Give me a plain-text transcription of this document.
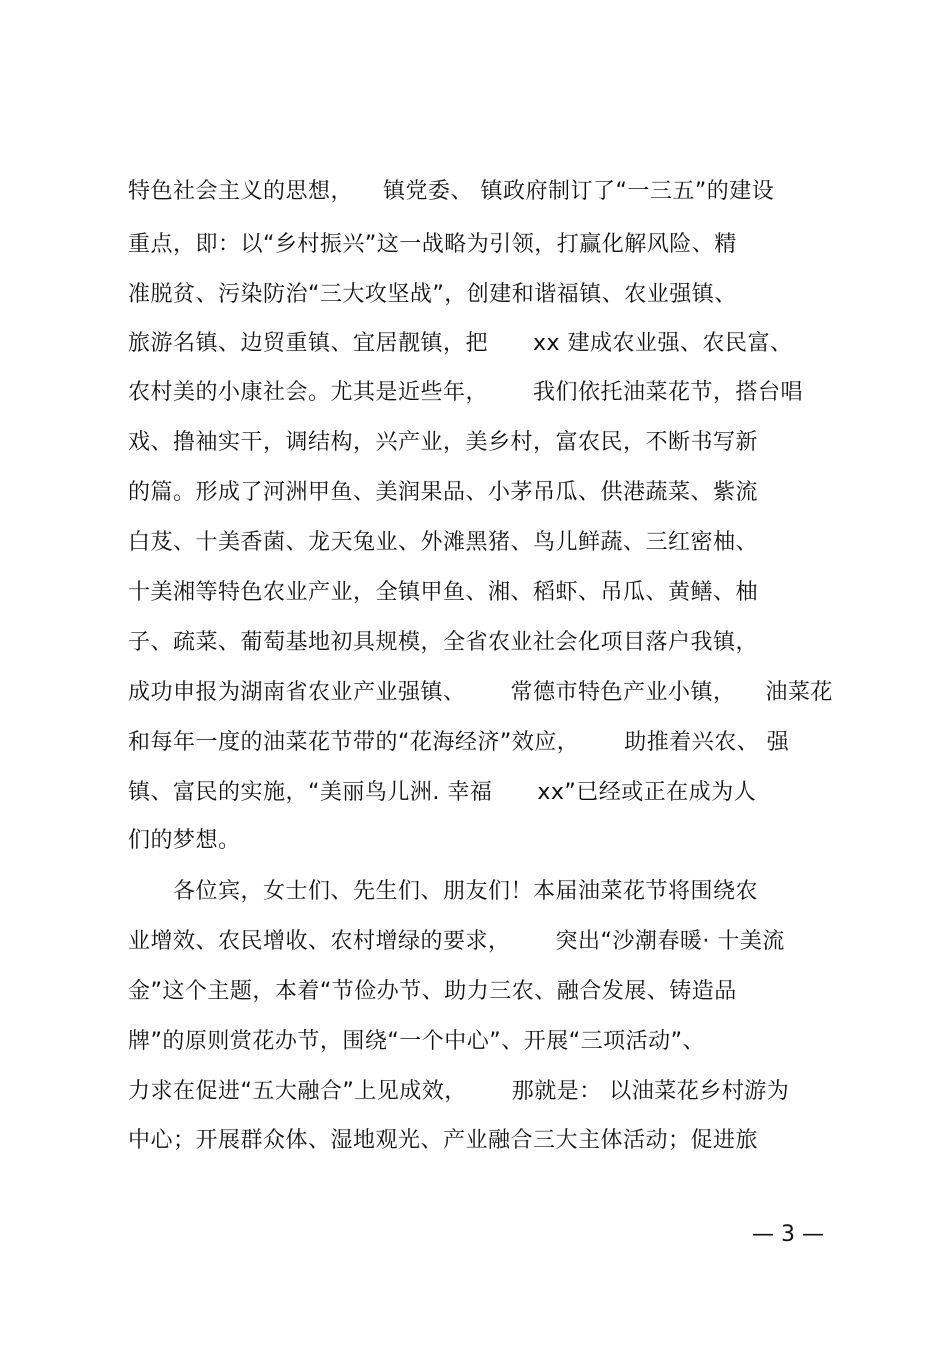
特色社会主义的思想，    镇党委、 镇政府制订了“一三五”的建设
重点，即：以“乡村振兴”这一战略为引领，打赢化解风险、精
准脱贫、污染防治“三大攻坚战”，创建和谐福镇、农业强镇、
旅游名镇、边贸重镇、宜居靓镇，把      xx 建成农业强、农民富、
农村美的小康社会。尤其是近些年，      我们依托油菜花节，搭台唱
戏、撸袖实干，调结构，兴产业，美乡村，富农民，不断书写新
的篇。形成了河洲甲鱼、美润果品、小茅吊瓜、供港蔬菜、紫流
白芨、十美香菌、龙天兔业、外滩黑猪、鸟儿鲜蔬、三红密柚、
十美湘等特色农业产业，全镇甲鱼、湘、稻虾、吊瓜、黄鳝、柚
子、疏菜、葡萄基地初具规模，全省农业社会化项目落户我镇，
成功申报为湖南省农业产业强镇、      常德市特色产业小镇，    油菜花
和每年一度的油菜花节带的“花海经济”效应，      助推着兴农、 强
镇、富民的实施，“美丽鸟儿洲. 幸福      xx”已经或正在成为人
们的梦想。
各位宾，女士们、先生们、朋友们！本届油菜花节将围绕农
业增效、农民增收、农村增绿的要求，      突出“沙潮春暖· 十美流
金”这个主题，本着“节俭办节、助力三农、融合发展、铸造品
牌”的原则赏花办节，围绕“一个中心”、开展“三项活动”、
力求在促进“五大融合”上见成效，      那就是： 以油菜花乡村游为
中心；开展群众体、湿地观光、产业融合三大主体活动；促进旅
— 3 —
